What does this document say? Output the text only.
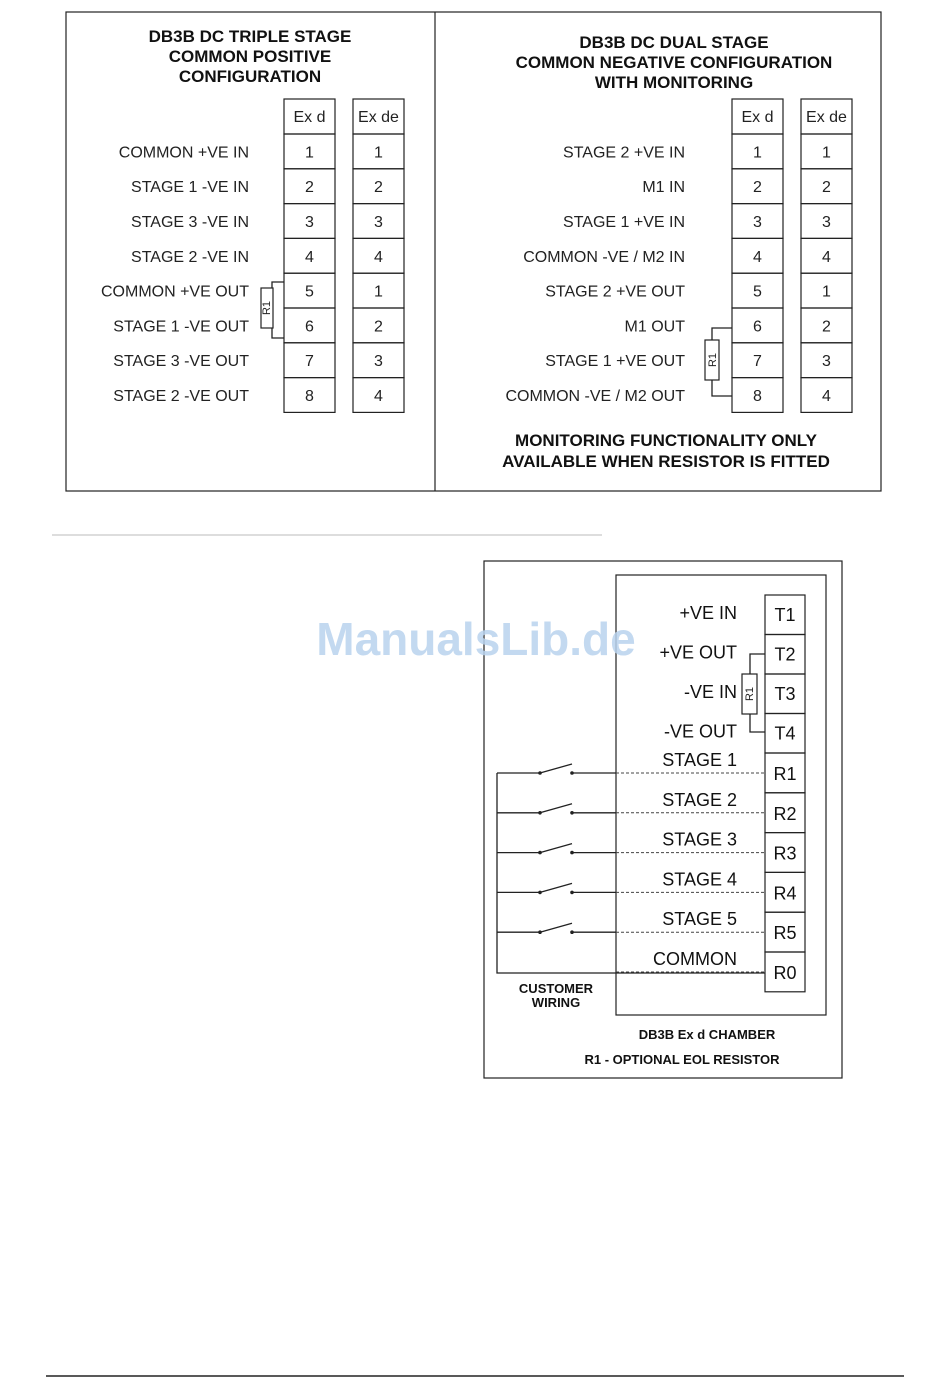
DB3B DC TRIPLE STAGE
COMMON POSITIVE
CONFIGURATION
Ex d Ex de
COMMON +VE IN	1	1
STAGE 1 -VE IN	2	2
STAGE 3 -VE IN	3	3
STAGE 2 -VE IN	4	4
COMMON +VE OUT	5	1
STAGE 1 -VE OUT	6	2
STAGE 3 -VE OUT	7	3
STAGE 2 -VE OUT	8	4
R1
DB3B DC DUAL STAGE
COMMON NEGATIVE CONFIGURATION
WITH MONITORING
Ex d Ex de
STAGE 2 +VE IN	1	1
M1 IN	2	2
STAGE 1 +VE IN	3	3
COMMON -VE / M2 IN	4	4
STAGE 2 +VE OUT	5	1
M1 OUT	6	2
STAGE 1 +VE OUT	7	3
COMMON -VE / M2 OUT	8	4
R1
MONITORING FUNCTIONALITY ONLY
AVAILABLE WHEN RESISTOR IS FITTED
T1
+VE IN
T2
+VE OUT
T3
-VE IN
T4
-VE OUT
R1
STAGE 1
R2
STAGE 2
R3
STAGE 3
R4
STAGE 4
R5
STAGE 5
R0
COMMON
R1
CUSTOMER
WIRING
DB3B Ex d CHAMBER
R1 - OPTIONAL EOL RESISTOR
ManualsLib.de
